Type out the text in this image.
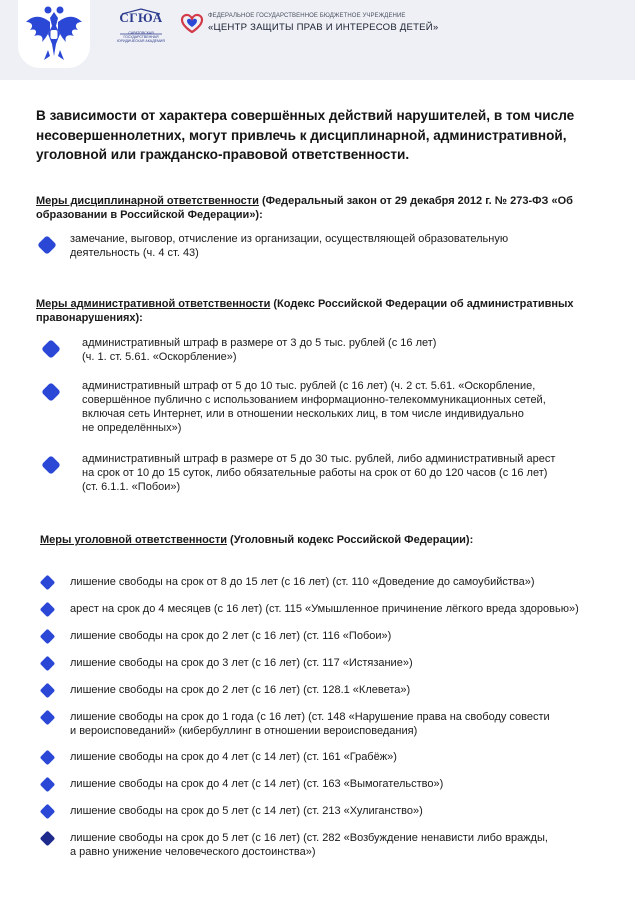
СГЮА
САРАТОВСКАЯ ГОСУДАРСТВЕННАЯ ЮРИДИЧЕСКАЯ АКАДЕМИЯ
ФЕДЕРАЛЬНОЕ ГОСУДАРСТВЕННОЕ БЮДЖЕТНОЕ УЧРЕЖДЕНИЕ
«ЦЕНТР ЗАЩИТЫ ПРАВ И ИНТЕРЕСОВ ДЕТЕЙ»
В зависимости от характера совершённых действий нарушителей, в том числе несовершеннолетних, могут привлечь к дисциплинарной, административной, уголовной или гражданско-правовой ответственности.
Меры дисциплинарной ответственности (Федеральный закон от 29 декабря 2012 г. № 273-ФЗ «Об образовании в Российской Федерации»):
замечание, выговор, отчисление из организации, осуществляющей образовательную
деятельность (ч. 4 ст. 43)
Меры административной ответственности (Кодекс Российской Федерации об административных правонарушениях):
административный штраф в размере от 3 до 5 тыс. рублей (с 16 лет)
(ч. 1. ст. 5.61. «Оскорбление»)
административный штраф от 5 до 10 тыс. рублей (с 16 лет) (ч. 2 ст. 5.61. «Оскорбление,
совершённое публично с использованием информационно-телекоммуникационных сетей,
включая сеть Интернет, или в отношении нескольких лиц, в том числе индивидуально
не определённых»)
административный штраф в размере от 5 до 30 тыс. рублей, либо административный арест
на срок от 10 до 15 суток, либо обязательные работы на срок от 60 до 120 часов (с 16 лет)
(ст. 6.1.1. «Побои»)
Меры уголовной ответственности (Уголовный кодекс Российской Федерации):
лишение свободы на срок от 8 до 15 лет (с 16 лет) (ст. 110 «Доведение до самоубийства»)
арест на срок до 4 месяцев (с 16 лет) (ст. 115 «Умышленное причинение лёгкого вреда здоровью»)
лишение свободы на срок до 2 лет (с 16 лет) (ст. 116 «Побои»)
лишение свободы на срок до 3 лет (с 16 лет) (ст. 117 «Истязание»)
лишение свободы на срок до 2 лет (с 16 лет) (ст. 128.1 «Клевета»)
лишение свободы на срок до 1 года (с 16 лет) (ст. 148 «Нарушение права на свободу совести
и вероисповеданий» (кибербуллинг в отношении вероисповедания)
лишение свободы на срок до 4 лет (с 14 лет) (ст. 161 «Грабёж»)
лишение свободы на срок до 4 лет (с 14 лет) (ст. 163 «Вымогательство»)
лишение свободы на срок до 5 лет (с 14 лет) (ст. 213 «Хулиганство»)
лишение свободы на срок до 5 лет (с 16 лет) (ст. 282 «Возбуждение ненависти либо вражды,
а равно унижение человеческого достоинства»)
